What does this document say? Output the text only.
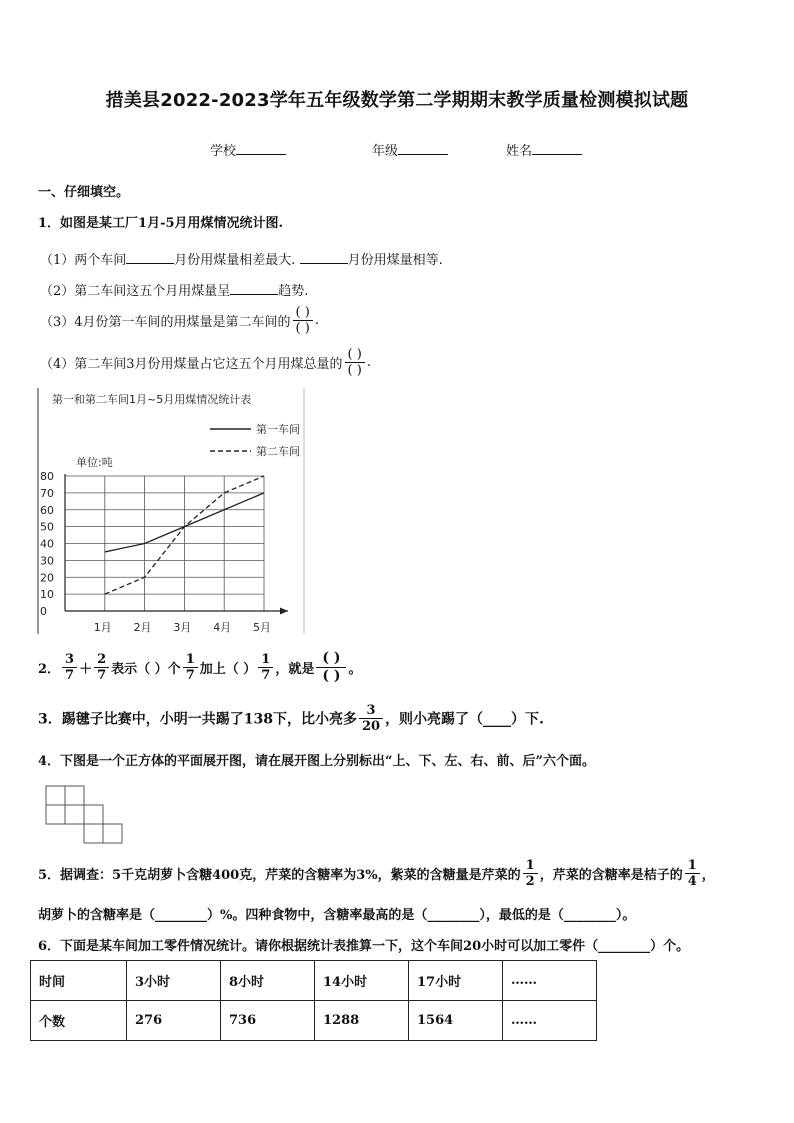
措美县2022-2023学年五年级数学第二学期期末教学质量检测模拟试题
学校	年级	姓名
一、仔细填空。
1．如图是某工厂1月-5月用煤情况统计图.
（1）两个车间	月份用煤量相差最大.	月份用煤量相等.
（2）第二车间这五个月用煤量呈	趋势.
（3）4月份第一车间的用煤量是第二车间的 $\frac{( )}{( )}$ .
（4）第二车间3月份用煤量占它这五个月用煤总量的 $\frac{( )}{( )}$ .
第一和第二车间1月~5月用煤情况统计表
第一车间
第二车间
单位:吨
0
10
20
30
40
50
60
70
80
1月 2月 3月 4月 5月
2． $\frac{3}{7} + \frac{2}{7}$ 表示（ ）个 $\frac{1}{7}$ 加上（ ） $\frac{1}{7}$ ，就是 $\frac{( )}{( )}$ 。
3．踢毽子比赛中，小明一共踢了138下，比小亮多 $\frac{3}{20}$ ，则小亮踢了（____）下.
4．下图是一个正方体的平面展开图，请在展开图上分别标出“上、下、左、右、前、后”六个面。
5．据调查：5千克胡萝卜含糖400克，芹菜的含糖率为3%，紫菜的含糖量是芹菜的 $\frac{1}{2}$ ，芹菜的含糖率是桔子的 $\frac{1}{4}$ ，
胡萝卜的含糖率是（________）%。四种食物中，含糖率最高的是（________），最低的是（________）。
6．下面是某车间加工零件情况统计。请你根据统计表推算一下，这个车间20小时可以加工零件（________）个。
时间	3小时	8小时	14小时	17小时	……
个数	276	736	1288	1564	……
